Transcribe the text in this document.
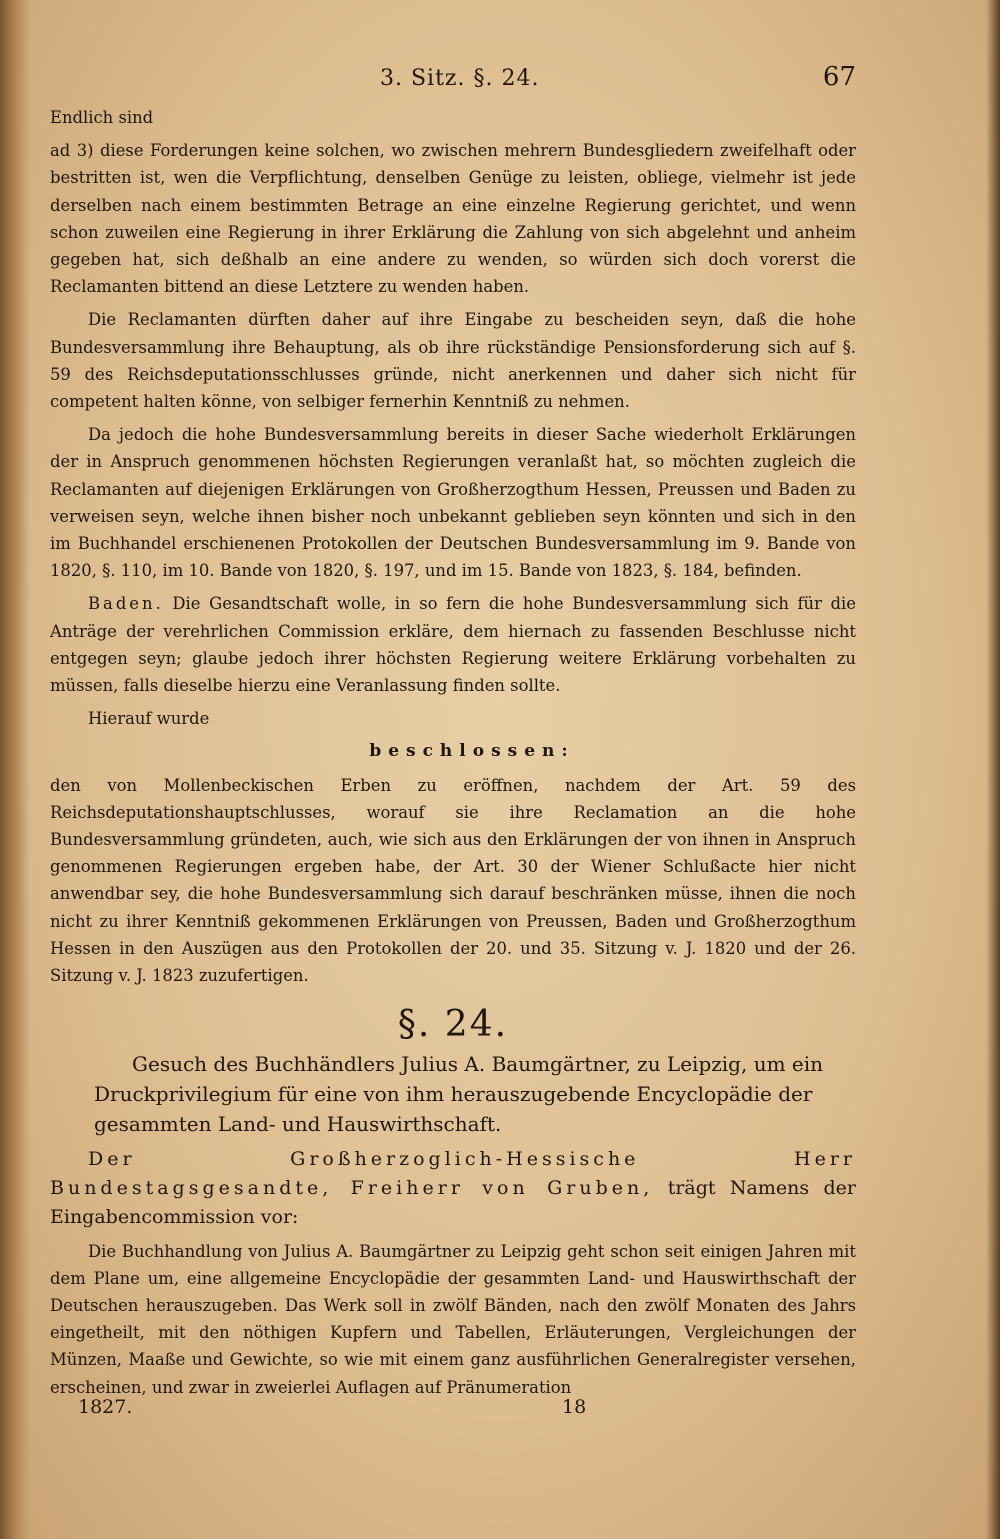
3. Sitz. §. 24.	67

Endlich sind

ad 3) diese Forderungen keine solchen, wo zwischen mehrern Bundesgliedern zweifelhaft oder bestritten ist, wen die Verpflichtung, denselben Genüge zu leisten, obliege, vielmehr ist jede derselben nach einem bestimmten Betrage an eine einzelne Regierung gerichtet, und wenn schon zuweilen eine Regierung in ihrer Erklärung die Zahlung von sich abgelehnt und anheim gegeben hat, sich deßhalb an eine andere zu wenden, so würden sich doch vorerst die Reclamanten bittend an diese Letztere zu wenden haben.

Die Reclamanten dürften daher auf ihre Eingabe zu bescheiden seyn, daß die hohe Bundesversammlung ihre Behauptung, als ob ihre rückständige Pensionsforderung sich auf §. 59 des Reichsdeputationsschlusses gründe, nicht anerkennen und daher sich nicht für competent halten könne, von selbiger fernerhin Kenntniß zu nehmen.

Da jedoch die hohe Bundesversammlung bereits in dieser Sache wiederholt Erklärungen der in Anspruch genommenen höchsten Regierungen veranlaßt hat, so möchten zugleich die Reclamanten auf diejenigen Erklärungen von Großherzogthum Hessen, Preussen und Baden zu verweisen seyn, welche ihnen bisher noch unbekannt geblieben seyn könnten und sich in den im Buchhandel erschienenen Protokollen der Deutschen Bundesversammlung im 9. Bande von 1820, §. 110, im 10. Bande von 1820, §. 197, und im 15. Bande von 1823, §. 184, befinden.

Baden. Die Gesandtschaft wolle, in so fern die hohe Bundesversammlung sich für die Anträge der verehrlichen Commission erkläre, dem hiernach zu fassenden Beschlusse nicht entgegen seyn; glaube jedoch ihrer höchsten Regierung weitere Erklärung vorbehalten zu müssen, falls dieselbe hierzu eine Veranlassung finden sollte.

Hierauf wurde

beschlossen:

den von Mollenbeckischen Erben zu eröffnen, nachdem der Art. 59 des Reichsdeputationshauptschlusses, worauf sie ihre Reclamation an die hohe Bundesversammlung gründeten, auch, wie sich aus den Erklärungen der von ihnen in Anspruch genommenen Regierungen ergeben habe, der Art. 30 der Wiener Schlußacte hier nicht anwendbar sey, die hohe Bundesversammlung sich darauf beschränken müsse, ihnen die noch nicht zu ihrer Kenntniß gekommenen Erklärungen von Preussen, Baden und Großherzogthum Hessen in den Auszügen aus den Protokollen der 20. und 35. Sitzung v. J. 1820 und der 26. Sitzung v. J. 1823 zuzufertigen.

§. 24.

Gesuch des Buchhändlers Julius A. Baumgärtner, zu Leipzig, um ein Druckprivilegium für eine von ihm herauszugebende Encyclopädie der gesammten Land- und Hauswirthschaft.

Der Großherzoglich-Hessische Herr Bundestagsgesandte, Freiherr von Gruben, trägt Namens der Eingabencommission vor:

Die Buchhandlung von Julius A. Baumgärtner zu Leipzig geht schon seit einigen Jahren mit dem Plane um, eine allgemeine Encyclopädie der gesammten Land- und Hauswirthschaft der Deutschen herauszugeben. Das Werk soll in zwölf Bänden, nach den zwölf Monaten des Jahrs eingetheilt, mit den nöthigen Kupfern und Tabellen, Erläuterungen, Vergleichungen der Münzen, Maaße und Gewichte, so wie mit einem ganz ausführlichen Generalregister versehen, erscheinen, und zwar in zweierlei Auflagen auf Pränumeration

1827.	18
